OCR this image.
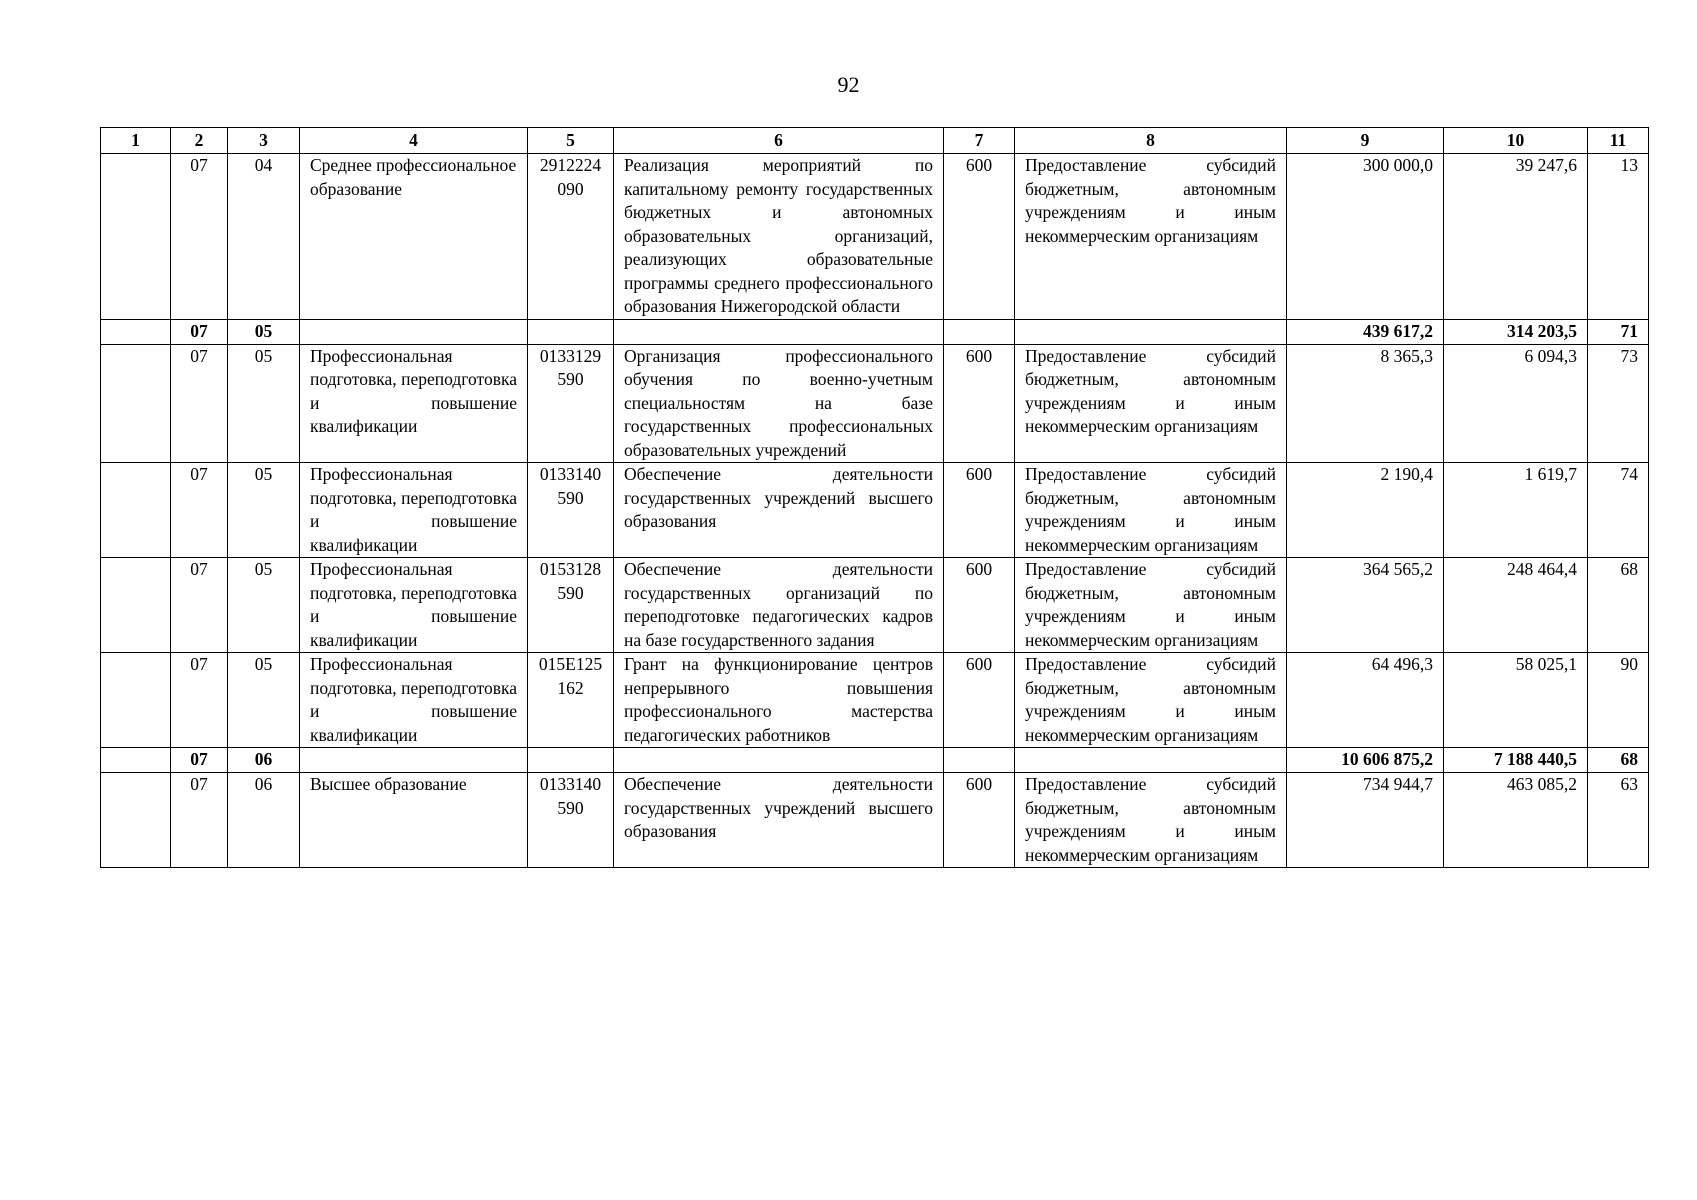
92
1	2	3	4	5	6	7	8	9	10	11
	07	04	Среднее профессиональное образование	2912224090	Реализация мероприятий по капитальному ремонту государственных бюджетных и автономных образовательных организаций, реализующих образовательные программы среднего профессионального образования Нижегородской области	600	Предоставление субсидий бюджетным, автономным учреждениям и иным некоммерческим организациям	300 000,0	39 247,6	13
	07	05						439 617,2	314 203,5	71
	07	05	Профессиональная подготовка, переподготовка и повышение квалификации	0133129590	Организация профессионального обучения по военно-учетным специальностям на базе государственных профессиональных образовательных учреждений	600	Предоставление субсидий бюджетным, автономным учреждениям и иным некоммерческим организациям	8 365,3	6 094,3	73
	07	05	Профессиональная подготовка, переподготовка и повышение квалификации	0133140590	Обеспечение деятельности государственных учреждений высшего образования	600	Предоставление субсидий бюджетным, автономным учреждениям и иным некоммерческим организациям	2 190,4	1 619,7	74
	07	05	Профессиональная подготовка, переподготовка и повышение квалификации	0153128590	Обеспечение деятельности государственных организаций по переподготовке педагогических кадров на базе государственного задания	600	Предоставление субсидий бюджетным, автономным учреждениям и иным некоммерческим организациям	364 565,2	248 464,4	68
	07	05	Профессиональная подготовка, переподготовка и повышение квалификации	015E125162	Грант на функционирование центров непрерывного повышения профессионального мастерства педагогических работников	600	Предоставление субсидий бюджетным, автономным учреждениям и иным некоммерческим организациям	64 496,3	58 025,1	90
	07	06						10 606 875,2	7 188 440,5	68
	07	06	Высшее образование	0133140590	Обеспечение деятельности государственных учреждений высшего образования	600	Предоставление субсидий бюджетным, автономным учреждениям и иным некоммерческим организациям	734 944,7	463 085,2	63
